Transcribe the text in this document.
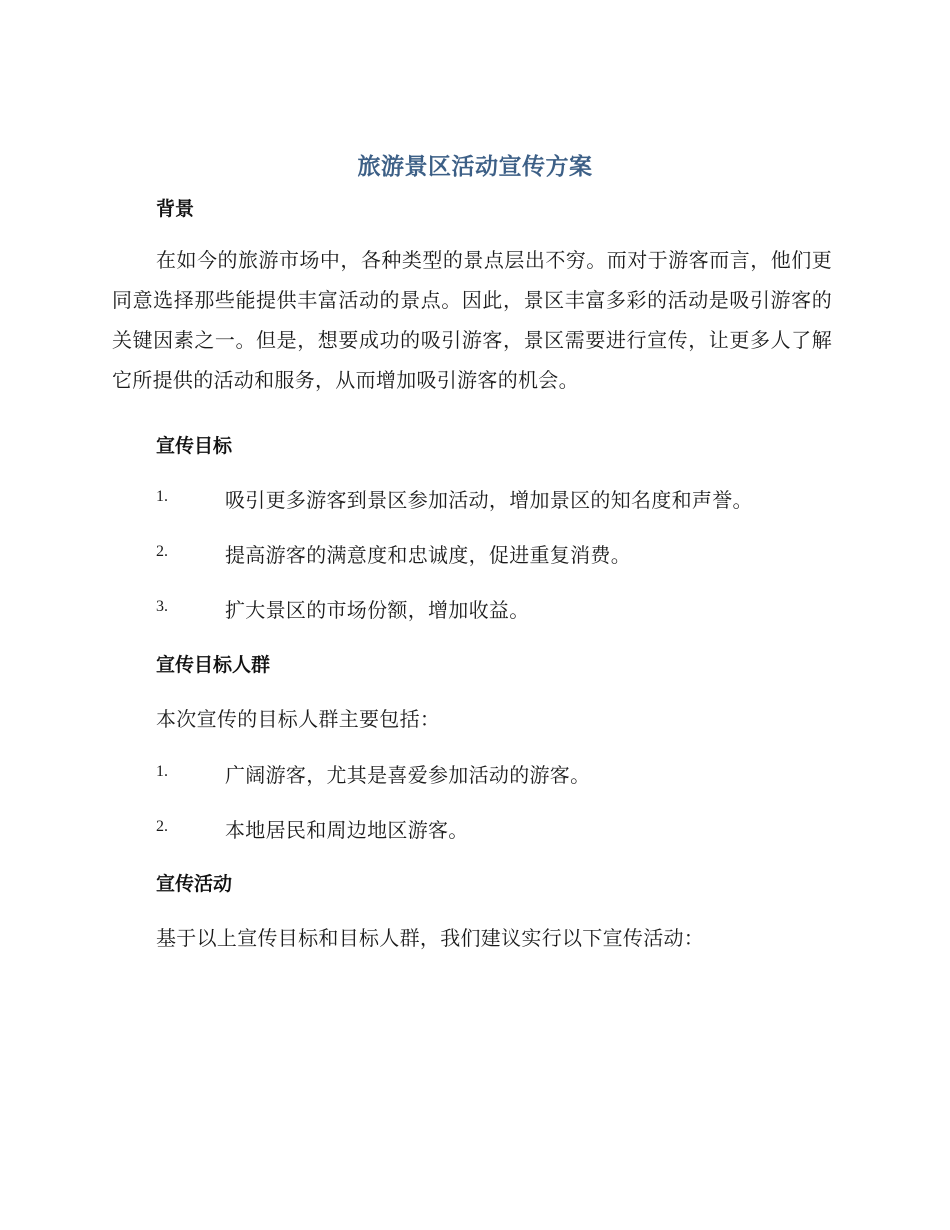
旅游景区活动宣传方案
背景

在如今的旅游市场中，各种类型的景点层出不穷。而对于游客而言，他们更同意选择那些能提供丰富活动的景点。因此，景区丰富多彩的活动是吸引游客的关键因素之一。但是，想要成功的吸引游客，景区需要进行宣传，让更多人了解它所提供的活动和服务，从而增加吸引游客的机会。

宣传目标
1.	吸引更多游客到景区参加活动，增加景区的知名度和声誉。
2.	提高游客的满意度和忠诚度，促进重复消费。
3.	扩大景区的市场份额，增加收益。
宣传目标人群
本次宣传的目标人群主要包括：
1.	广阔游客，尤其是喜爱参加活动的游客。
2.	本地居民和周边地区游客。
宣传活动
基于以上宣传目标和目标人群，我们建议实行以下宣传活动：
